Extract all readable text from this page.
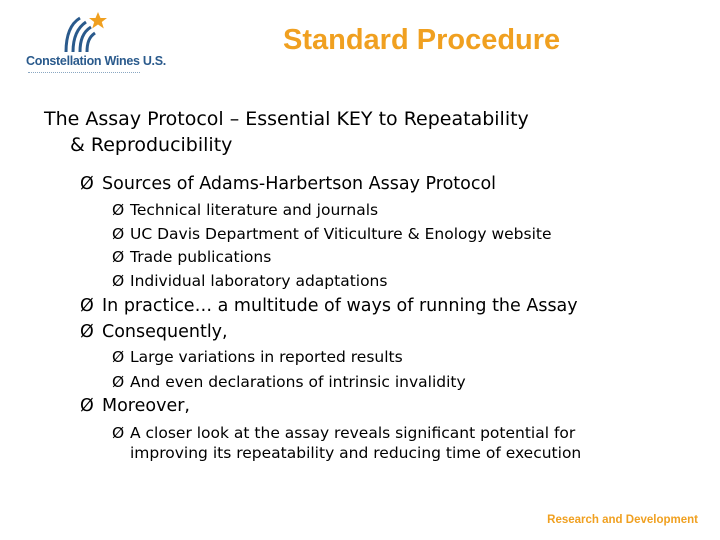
Constellation Wines U.S.
Standard Procedure

The Assay Protocol – Essential KEY to Repeatability
& Reproducibility

Ø Sources of Adams-Harbertson Assay Protocol
Ø Technical literature and journals
Ø UC Davis Department of Viticulture & Enology website
Ø Trade publications
Ø Individual laboratory adaptations
Ø In practice… a multitude of ways of running the Assay
Ø Consequently,
Ø Large variations in reported results
Ø And even declarations of intrinsic invalidity
Ø Moreover,
Ø A closer look at the assay reveals significant potential for
improving its repeatability and reducing time of execution
Research and Development
